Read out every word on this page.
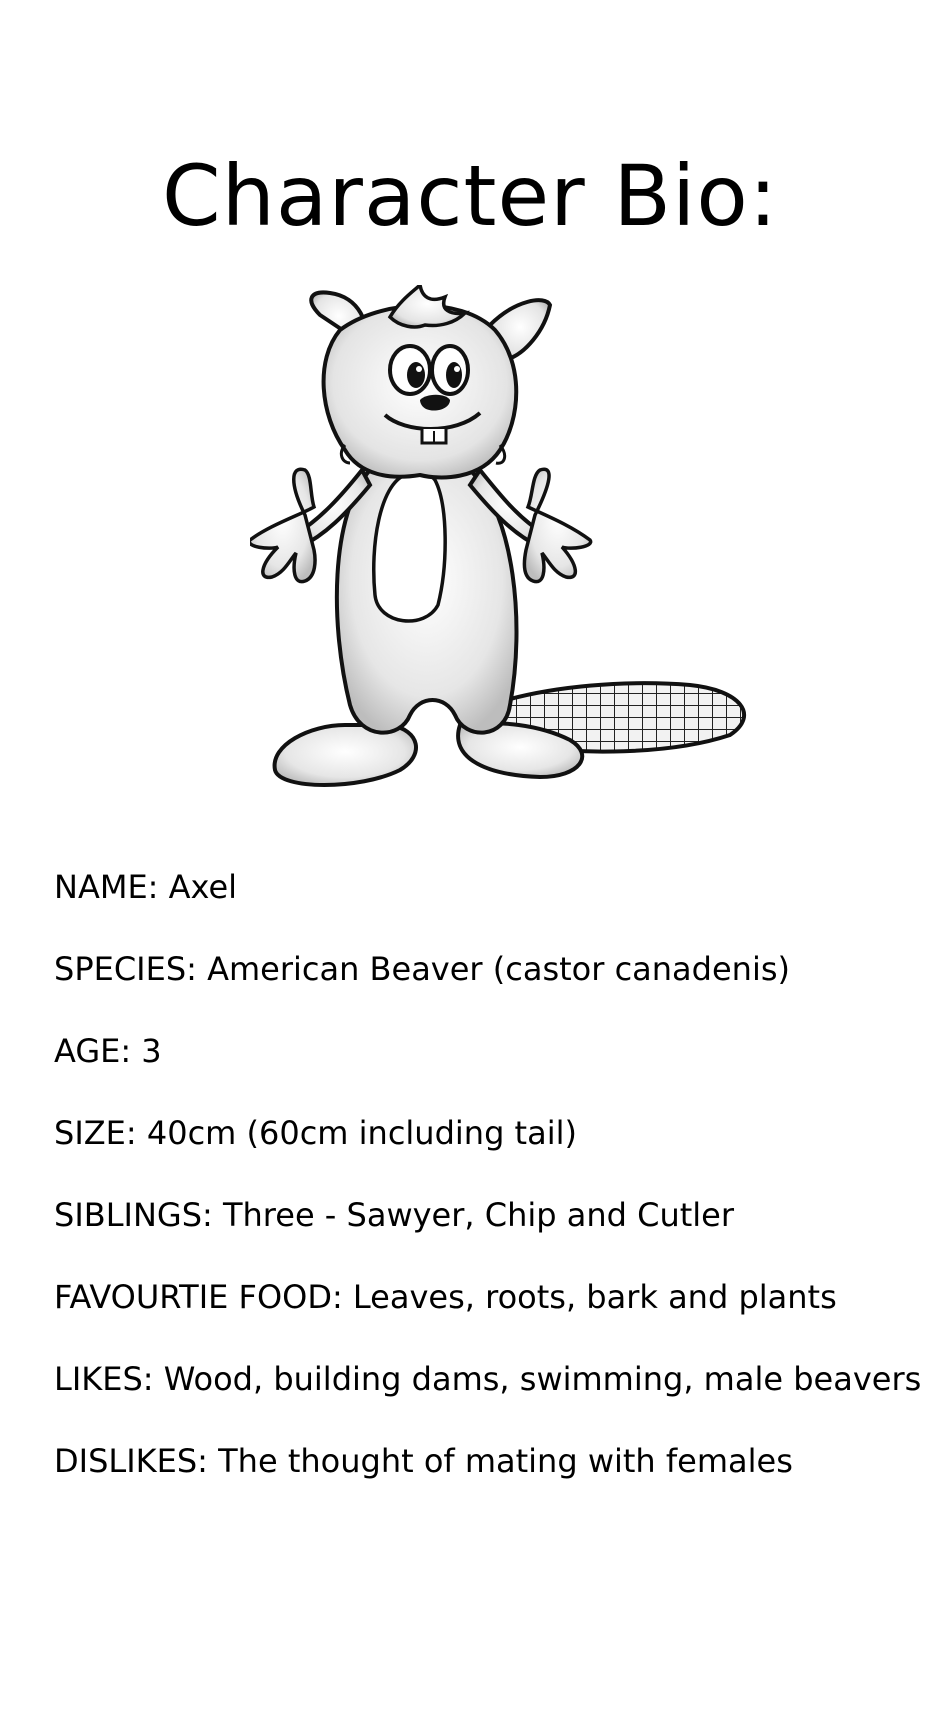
Character Bio:
NAME: Axel
SPECIES: American Beaver (castor canadenis)
AGE: 3
SIZE: 40cm (60cm including tail)
SIBLINGS: Three - Sawyer, Chip and Cutler
FAVOURTIE FOOD: Leaves, roots, bark and plants
LIKES: Wood, building dams, swimming, male beavers
DISLIKES: The thought of mating with females
